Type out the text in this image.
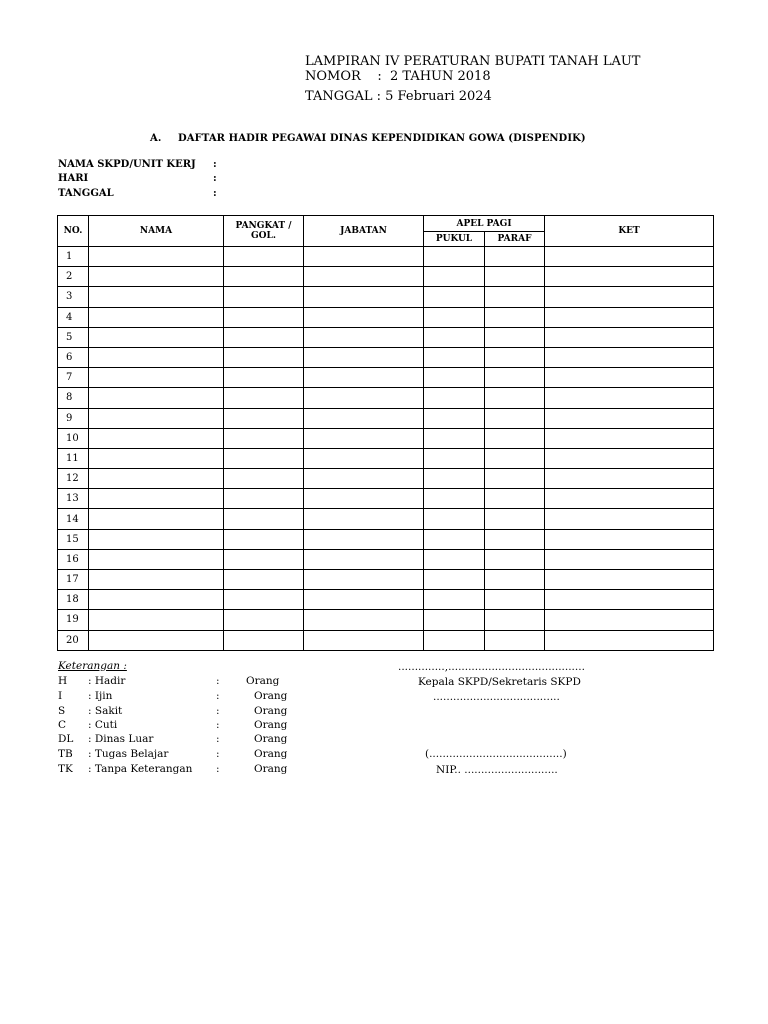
LAMPIRAN IV PERATURAN BUPATI TANAH LAUT
NOMOR    :  2 TAHUN 2018
TANGGAL : 5 Februari 2024
A. DAFTAR HADIR PEGAWAI DINAS KEPENDIDIKAN GOWA (DISPENDIK)
NAMA SKPD/UNIT KERJ :
HARI	:
TANGGAL	:
NO.	NAMA	PANGKAT / GOL.	JABATAN	APEL PAGI		KET
				PUKUL	PARAF	
1						
2						
3						
4						
5						
6						
7						
8						
9						
10						
11						
12						
13						
14						
15						
16						
17						
18						
19						
20						
Keterangan :
H : Hadir	:	Orang
I : Ijin	:	Orang
S : Sakit	:	Orang
C : Cuti	:	Orang
DL : Dinas Luar	:	Orang
TB : Tugas Belajar	:	Orang
TK : Tanpa Keterangan :	Orang
..............,.........................................
Kepala SKPD/Sekretaris SKPD
......................................
(........................................)
NIP.. ............................
